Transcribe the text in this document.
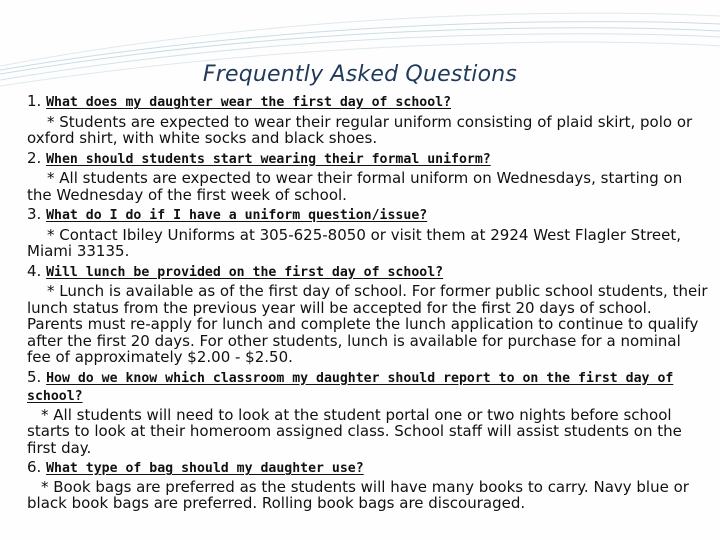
Frequently Asked Questions
1. What does my daughter wear the first day of school?
* Students are expected to wear their regular uniform consisting of plaid skirt, polo or oxford shirt, with white socks and black shoes.
2. When should students start wearing their formal uniform?
* All students are expected to wear their formal uniform on Wednesdays, starting on the Wednesday of the first week of school.
3. What do I do if I have a uniform question/issue?
* Contact Ibiley Uniforms at 305-625-8050 or visit them at 2924 West Flagler Street, Miami 33135.
4. Will lunch be provided on the first day of school?
* Lunch is available as of the first day of school. For former public school students, their lunch status from the previous year will be accepted for the first 20 days of school. Parents must re-apply for lunch and complete the lunch application to continue to qualify after the first 20 days. For other students, lunch is available for purchase for a nominal fee of approximately $2.00 - $2.50.
5. How do we know which classroom my daughter should report to on the first day of school?
* All students will need to look at the student portal one or two nights before school starts to look at their homeroom assigned class. School staff will assist students on the first day.
6. What type of bag should my daughter use?
* Book bags are preferred as the students will have many books to carry. Navy blue or black book bags are preferred. Rolling book bags are discouraged.
